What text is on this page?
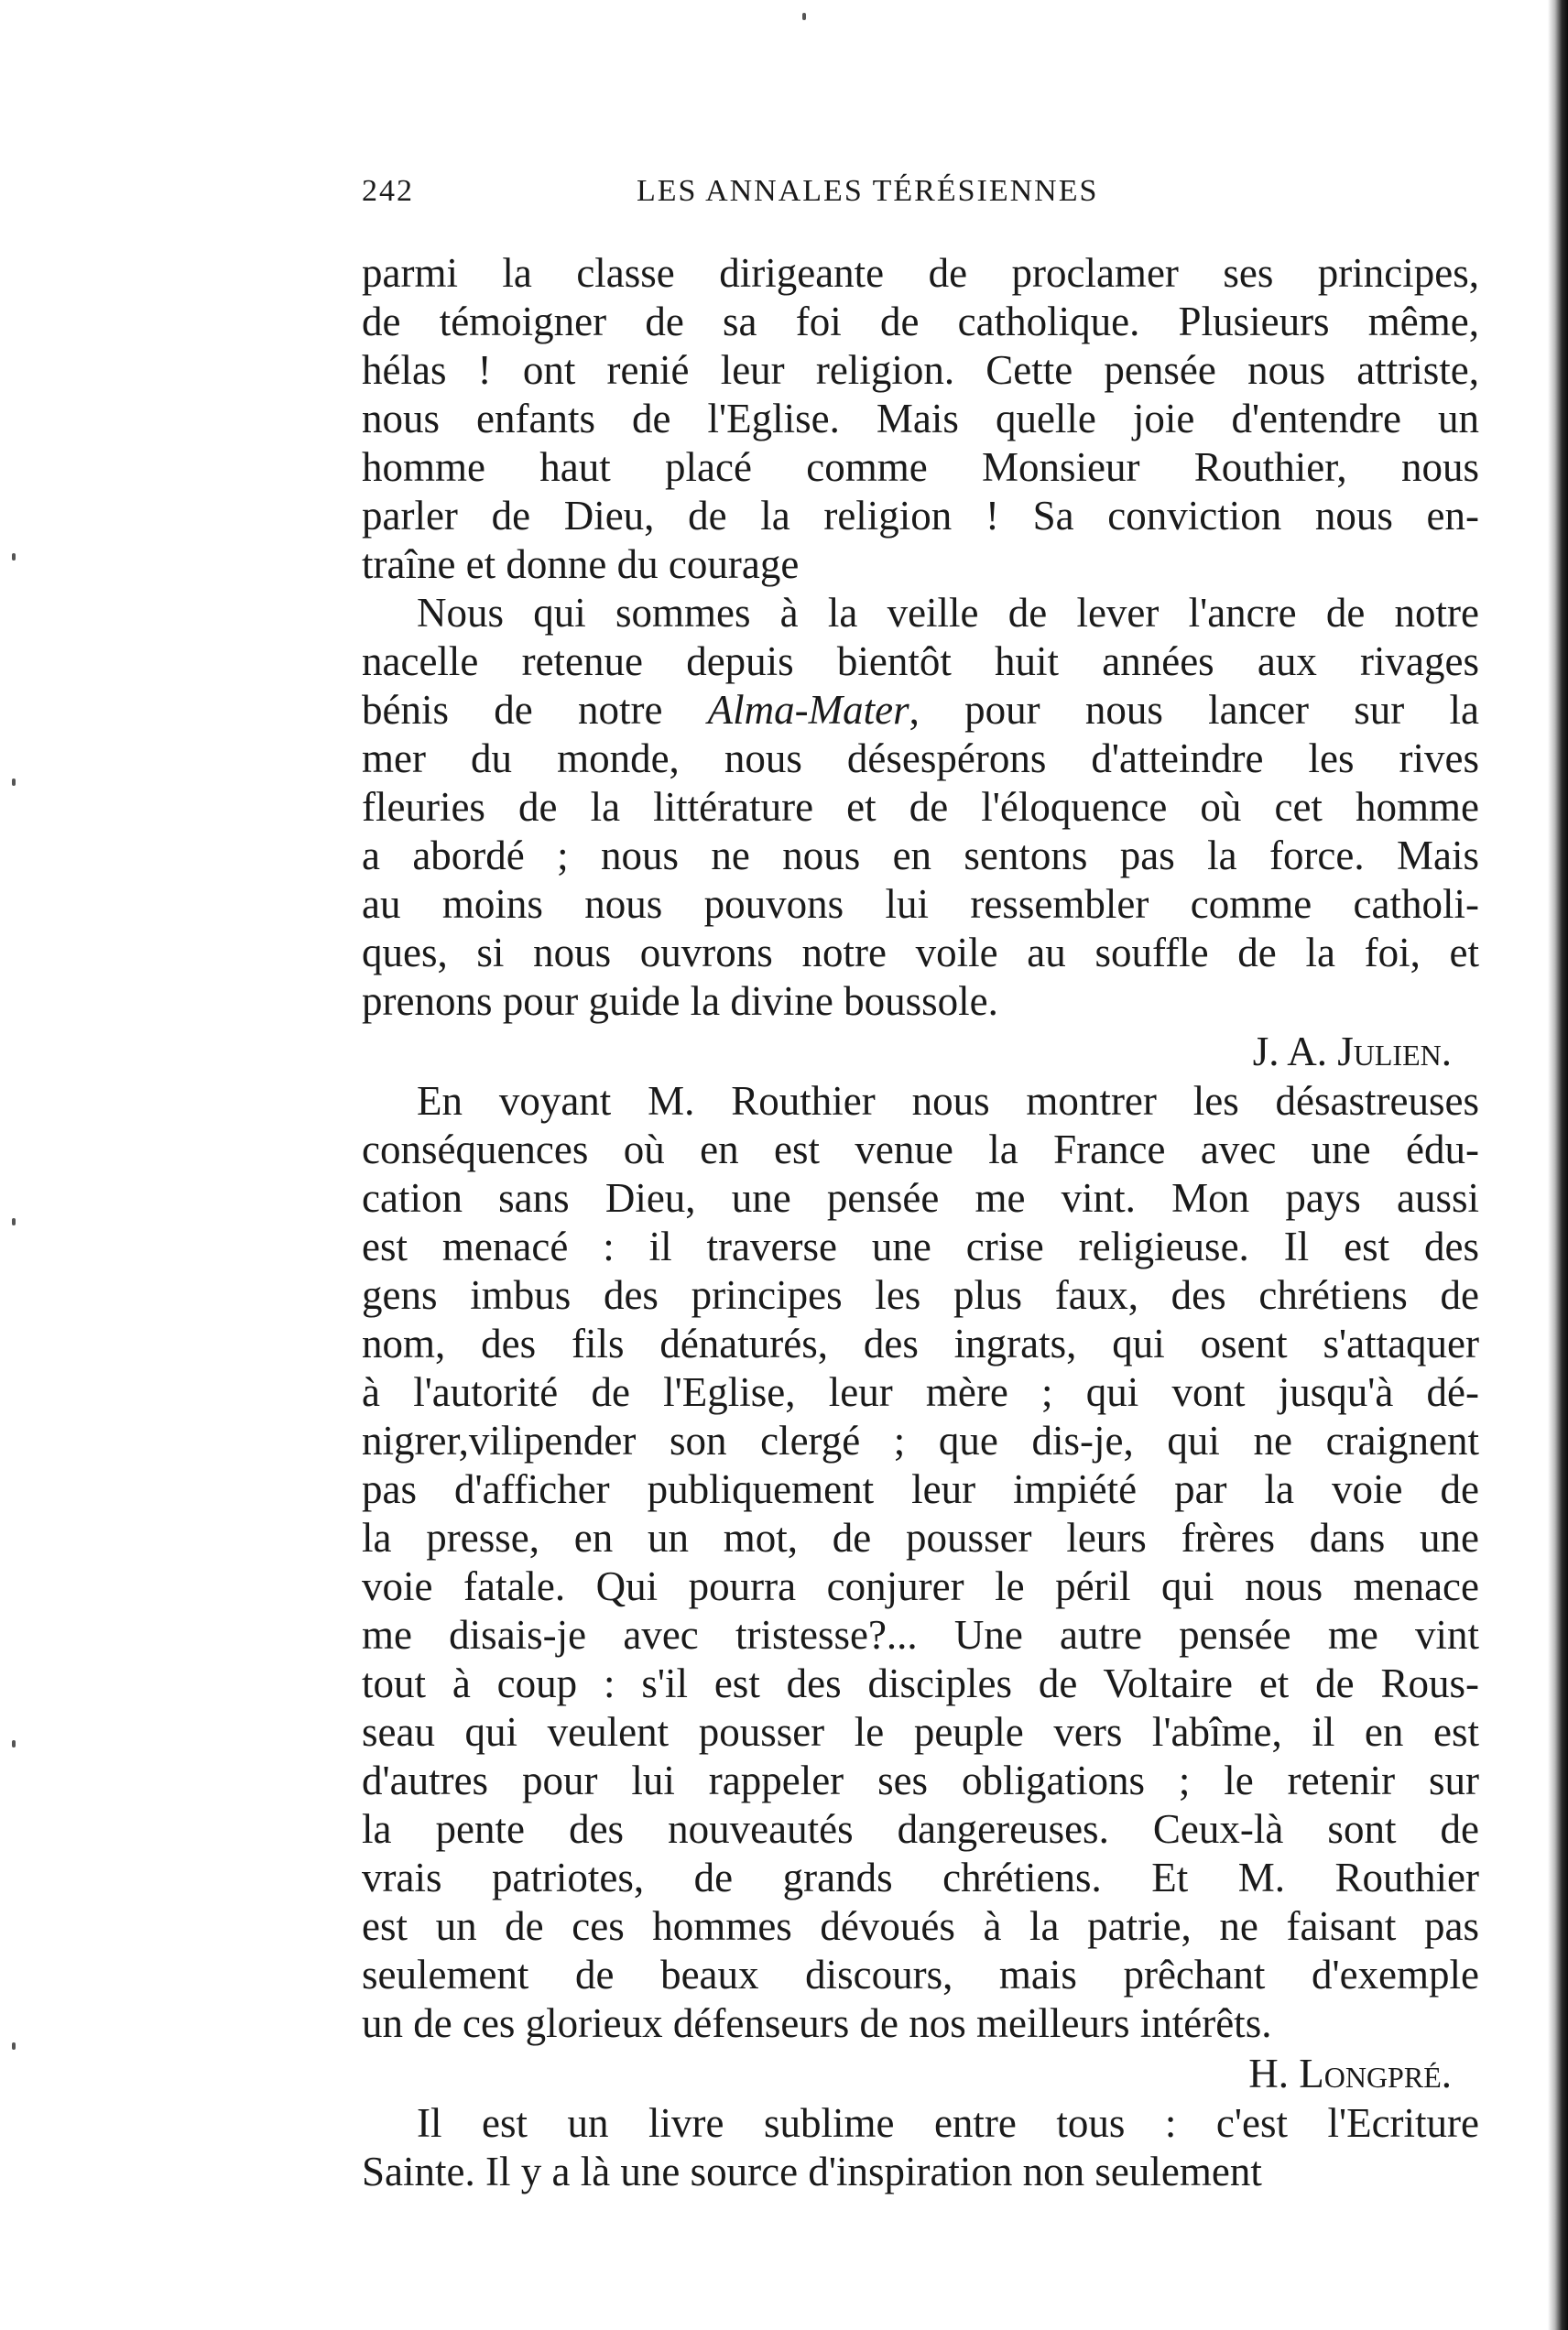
242	LES ANNALES TÉRÉSIENNES
parmi la classe dirigeante de proclamer ses principes,
de témoigner de sa foi de catholique. Plusieurs même,
hélas ! ont renié leur religion. Cette pensée nous attriste,
nous enfants de l'Eglise. Mais quelle joie d'entendre un
homme haut placé comme Monsieur Routhier, nous
parler de Dieu, de la religion ! Sa conviction nous en-
traîne et donne du courage
Nous qui sommes à la veille de lever l'ancre de notre
nacelle retenue depuis bientôt huit années aux rivages
bénis de notre Alma-Mater, pour nous lancer sur la
mer du monde, nous désespérons d'atteindre les rives
fleuries de la littérature et de l'éloquence où cet homme
a abordé ; nous ne nous en sentons pas la force. Mais
au moins nous pouvons lui ressembler comme catholi-
ques, si nous ouvrons notre voile au souffle de la foi, et
prenons pour guide la divine boussole.
J. A. Julien.
En voyant M. Routhier nous montrer les désastreuses
conséquences où en est venue la France avec une édu-
cation sans Dieu, une pensée me vint. Mon pays aussi
est menacé : il traverse une crise religieuse. Il est des
gens imbus des principes les plus faux, des chrétiens de
nom, des fils dénaturés, des ingrats, qui osent s'attaquer
à l'autorité de l'Eglise, leur mère ; qui vont jusqu'à dé-
nigrer,vilipender son clergé ; que dis-je, qui ne craignent
pas d'afficher publiquement leur impiété par la voie de
la presse, en un mot, de pousser leurs frères dans une
voie fatale. Qui pourra conjurer le péril qui nous menace
me disais-je avec tristesse?... Une autre pensée me vint
tout à coup : s'il est des disciples de Voltaire et de Rous-
seau qui veulent pousser le peuple vers l'abîme, il en est
d'autres pour lui rappeler ses obligations ; le retenir sur
la pente des nouveautés dangereuses. Ceux-là sont de
vrais patriotes, de grands chrétiens. Et M. Routhier
est un de ces hommes dévoués à la patrie, ne faisant pas
seulement de beaux discours, mais prêchant d'exemple
un de ces glorieux défenseurs de nos meilleurs intérêts.
H. Longpré.
Il est un livre sublime entre tous : c'est l'Ecriture
Sainte. Il y a là une source d'inspiration non seulement
